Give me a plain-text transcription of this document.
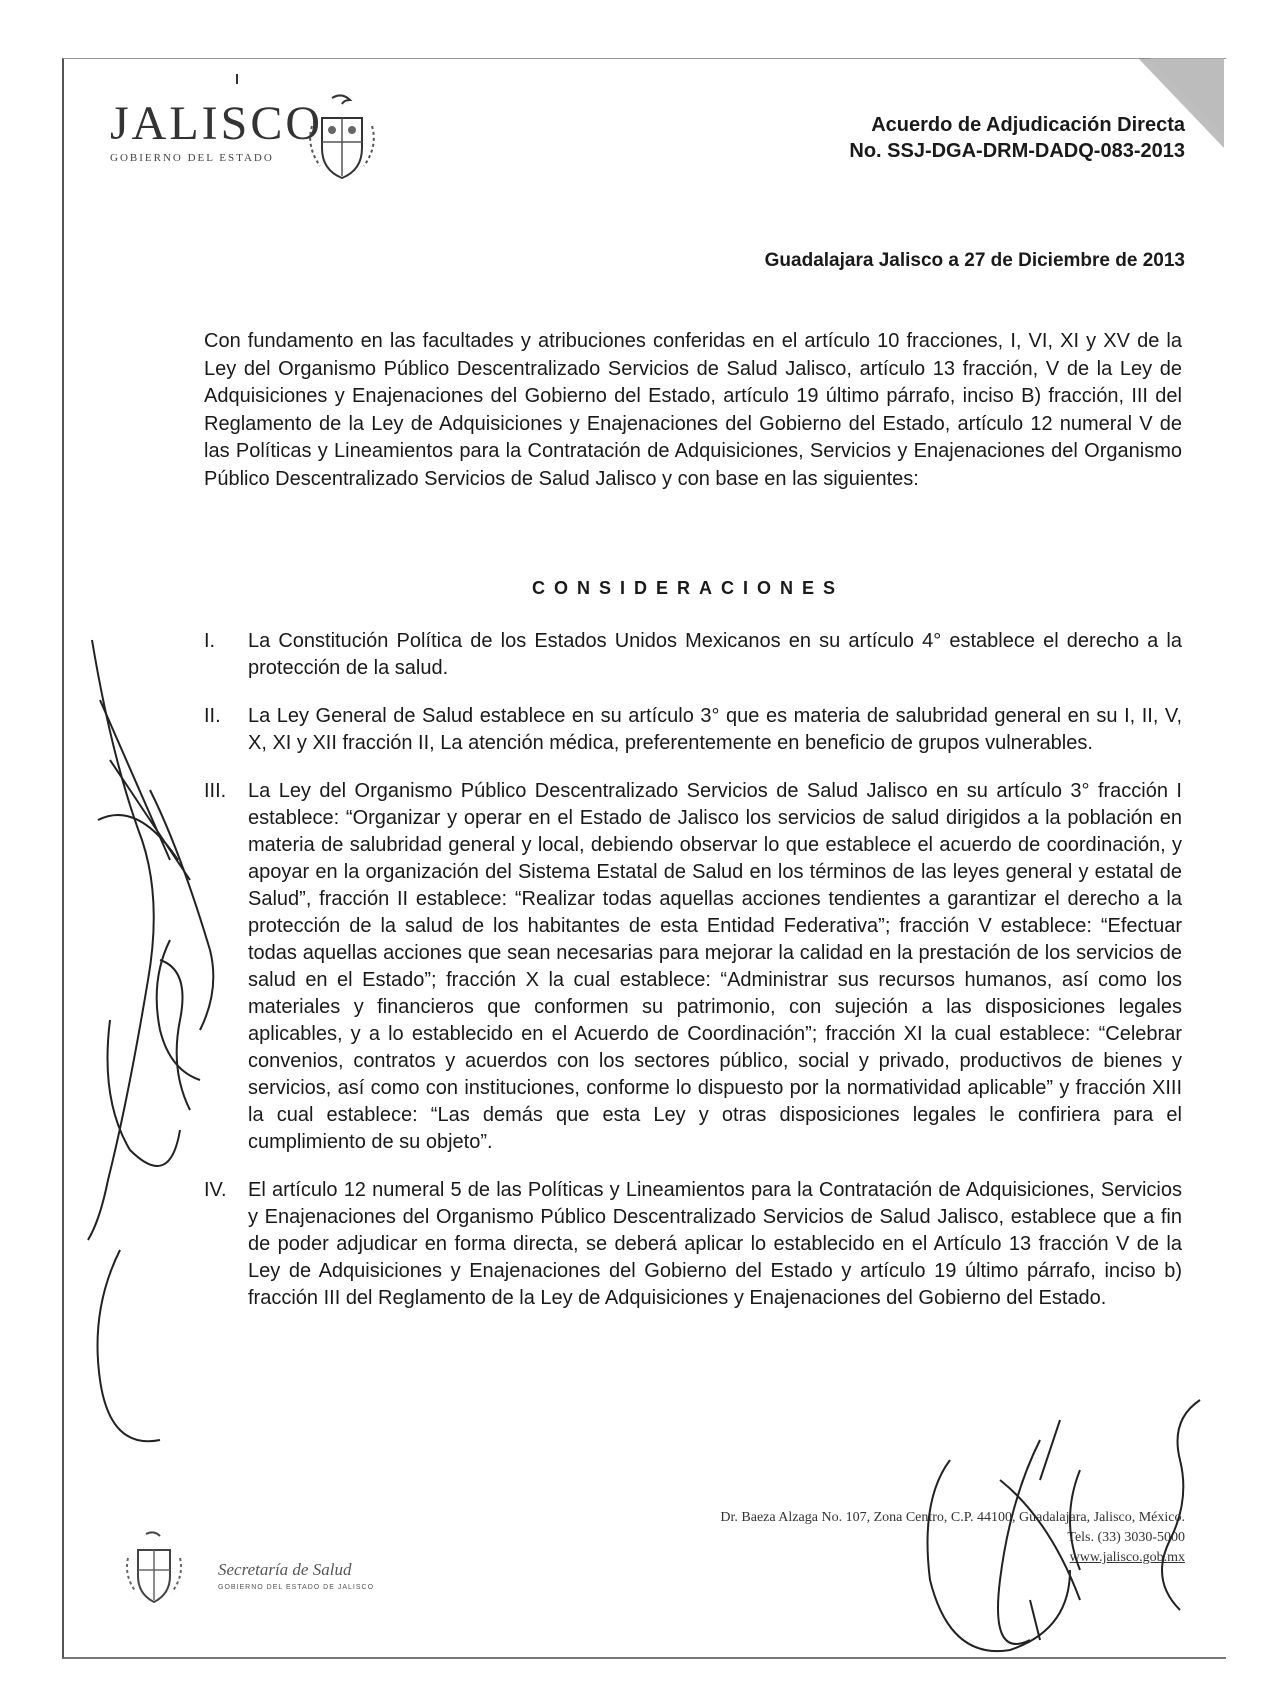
JALISCO
GOBIERNO DEL ESTADO
Acuerdo de Adjudicación Directa
No. SSJ-DGA-DRM-DADQ-083-2013
Guadalajara Jalisco a 27 de Diciembre de 2013
Con fundamento en las facultades y atribuciones conferidas en el artículo 10 fracciones, I, VI, XI y XV de la Ley del Organismo Público Descentralizado Servicios de Salud Jalisco, artículo 13 fracción, V de la Ley de Adquisiciones y Enajenaciones del Gobierno del Estado, artículo 19 último párrafo, inciso B) fracción, III del Reglamento de la Ley de Adquisiciones y Enajenaciones del Gobierno del Estado, artículo 12 numeral V de las Políticas y Lineamientos para la Contratación de Adquisiciones, Servicios y Enajenaciones del Organismo Público Descentralizado Servicios de Salud Jalisco y con base en las siguientes:
CONSIDERACIONES
I.	La Constitución Política de los Estados Unidos Mexicanos en su artículo 4° establece el derecho a la protección de la salud.
II.	La Ley General de Salud establece en su artículo 3° que es materia de salubridad general en su I, II, V, X, XI y XII fracción II, La atención médica, preferentemente en beneficio de grupos vulnerables.
III.	La Ley del Organismo Público Descentralizado Servicios de Salud Jalisco en su artículo 3° fracción I establece: “Organizar y operar en el Estado de Jalisco los servicios de salud dirigidos a la población en materia de salubridad general y local, debiendo observar lo que establece el acuerdo de coordinación, y apoyar en la organización del Sistema Estatal de Salud en los términos de las leyes general y estatal de Salud”, fracción II establece: “Realizar todas aquellas acciones tendientes a garantizar el derecho a la protección de la salud de los habitantes de esta Entidad Federativa”; fracción V establece: “Efectuar todas aquellas acciones que sean necesarias para mejorar la calidad en la prestación de los servicios de salud en el Estado”; fracción X la cual establece: “Administrar sus recursos humanos, así como los materiales y financieros que conformen su patrimonio, con sujeción a las disposiciones legales aplicables, y a lo establecido en el Acuerdo de Coordinación”; fracción XI la cual establece: “Celebrar convenios, contratos y acuerdos con los sectores público, social y privado, productivos de bienes y servicios, así como con instituciones, conforme lo dispuesto por la normatividad aplicable” y fracción XIII la cual establece: “Las demás que esta Ley y otras disposiciones legales le confiriera para el cumplimiento de su objeto”.
IV.	El artículo 12 numeral 5 de las Políticas y Lineamientos para la Contratación de Adquisiciones, Servicios y Enajenaciones del Organismo Público Descentralizado Servicios de Salud Jalisco, establece que a fin de poder adjudicar en forma directa, se deberá aplicar lo establecido en el Artículo 13 fracción V de la Ley de Adquisiciones y Enajenaciones del Gobierno del Estado y artículo 19 último párrafo, inciso b) fracción III del Reglamento de la Ley de Adquisiciones y Enajenaciones del Gobierno del Estado.
Dr. Baeza Alzaga No. 107, Zona Centro, C.P. 44100, Guadalajara, Jalisco, México.
Tels. (33) 3030-5000
www.jalisco.gob.mx
Secretaría de Salud
GOBIERNO DEL ESTADO DE JALISCO
